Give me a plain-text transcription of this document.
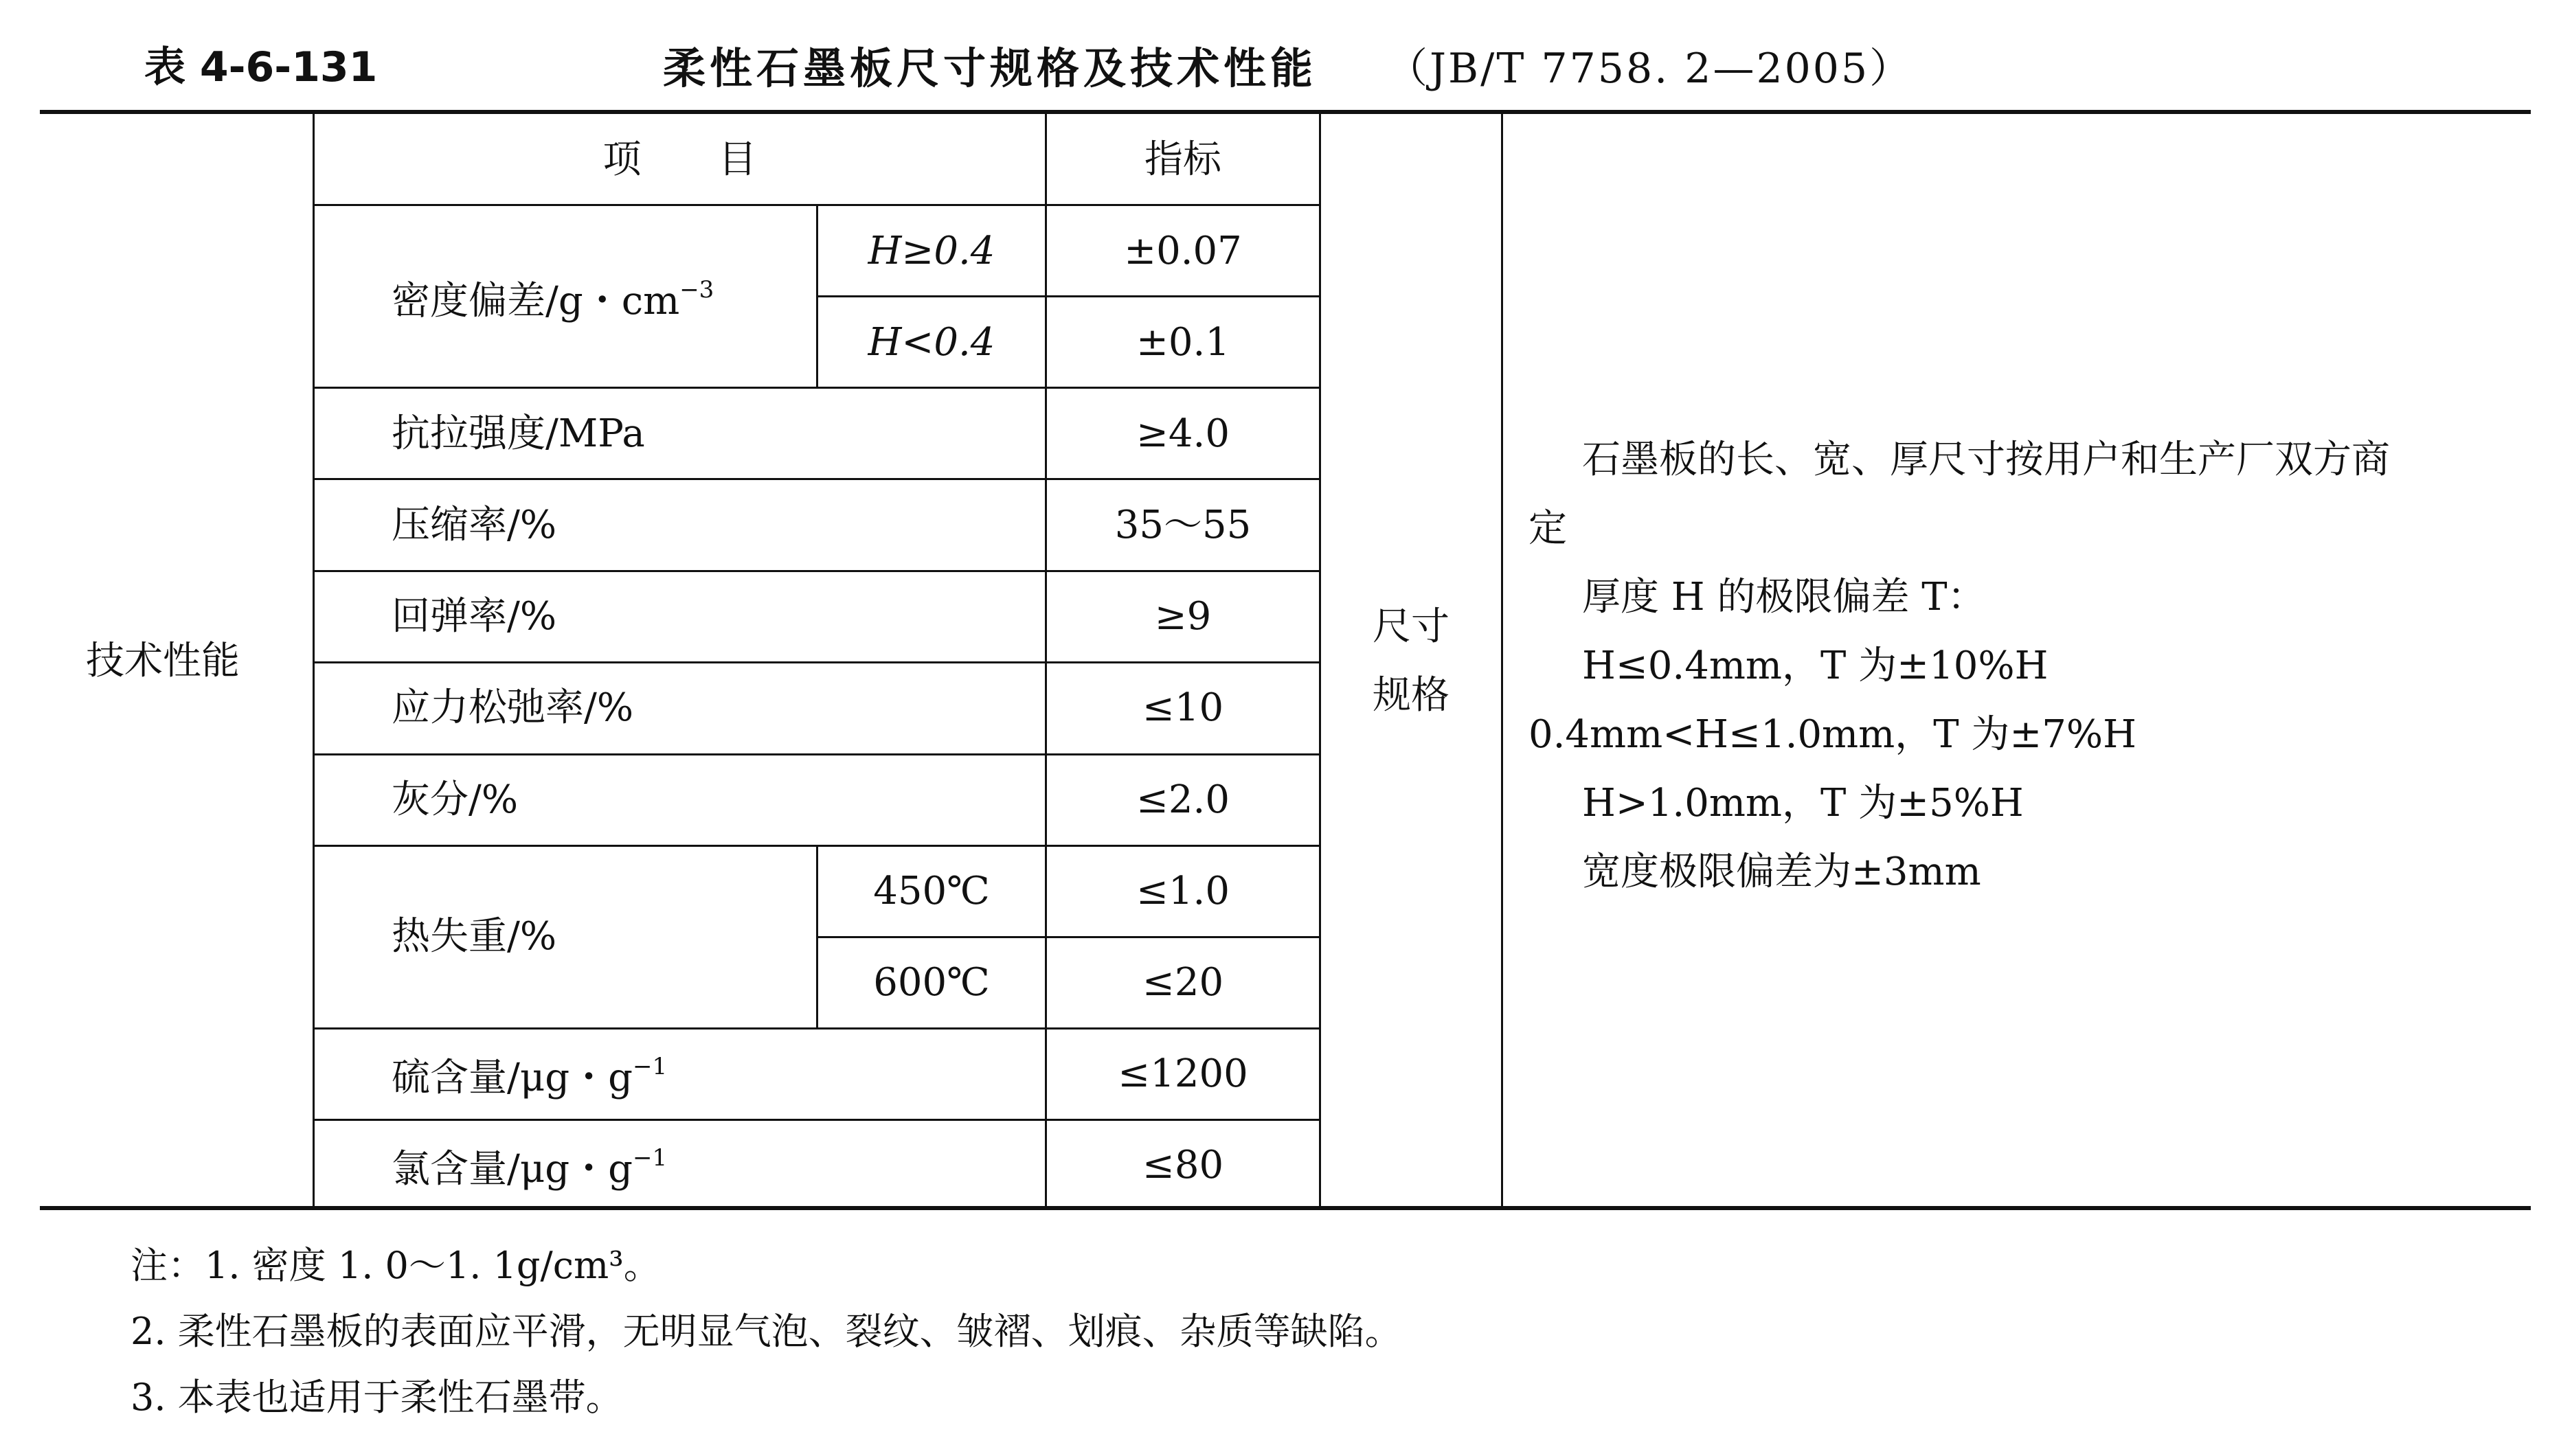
表 4-6-131	柔性石墨板尺寸规格及技术性能 （JB/T 7758. 2—2005）
技术性能
项　　目	指标
密度偏差/g・$cm^{-3}$
H≥0.4	±0.07
H<0.4	±0.1
抗拉强度/MPa	≥4.0
压缩率/%	35～55
回弹率/%	≥9
应力松弛率/%	≤10
灰分/%	≤2.0
热失重/%
450℃	≤1.0
600℃	≤20
硫含量/μg・$g^{-1}$	≤1200
氯含量/μg・$g^{-1}$	≤80
尺寸
规格
石墨板的长、宽、厚尺寸按用户和生产厂双方商
定
厚度 H 的极限偏差 T：
H≤0.4mm，T 为±10%H
0.4mm<H≤1.0mm，T 为±7%H
H>1.0mm，T 为±5%H
宽度极限偏差为±3mm
注：1. 密度 1. 0～1. 1g/cm³。
2. 柔性石墨板的表面应平滑，无明显气泡、裂纹、皱褶、划痕、杂质等缺陷。
3. 本表也适用于柔性石墨带。
